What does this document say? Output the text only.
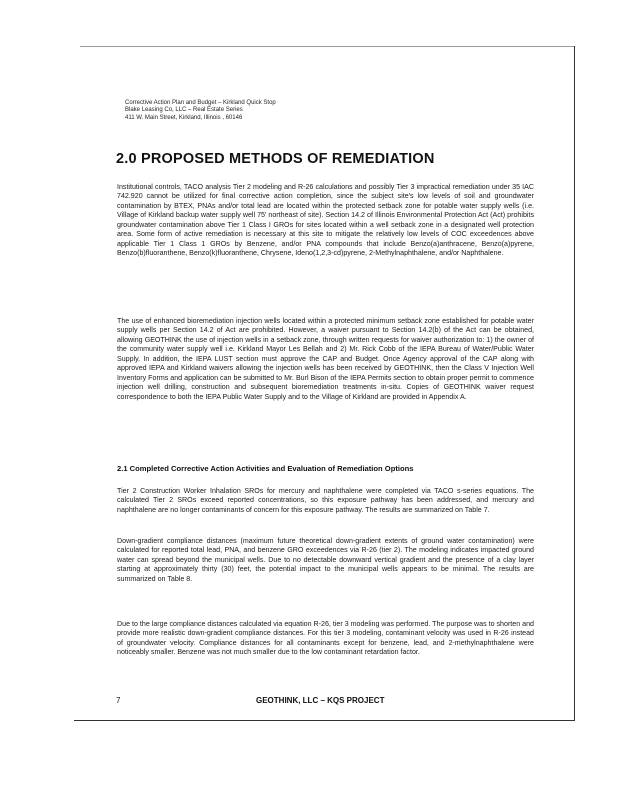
Corrective Action Plan and Budget – Kirkland Quick Stop
Blake Leasing Co, LLC – Real Estate Series
411 W. Main Street, Kirkland, Illinois , 60146
2.0 PROPOSED METHODS OF REMEDIATION

Institutional controls, TACO analysis Tier 2 modeling and R-26 calculations and possibly Tier 3 impractical remediation under 35 IAC 742.920 cannot be utilized for final corrective action completion, since the subject site's low levels of soil and groundwater contamination by BTEX, PNAs and/or total lead are located within the protected setback zone for potable water supply wells (i.e. Village of Kirkland backup water supply well 75' northeast of site). Section 14.2 of Illinois Environmental Protection Act (Act) prohibits groundwater contamination above Tier 1 Class I GROs for sites located within a well setback zone in a designated well protection area. Some form of active remediation is necessary at this site to mitigate the relatively low levels of COC exceedences above applicable Tier 1 Class 1 GROs by Benzene, and/or PNA compounds that include Benzo(a)anthracene, Benzo(a)pyrene, Benzo(b)fluoranthene, Benzo(k)fluoranthene, Chrysene, Ideno(1,2,3-cd)pyrene, 2-Methylnaphthalene, and/or Naphthalene.

The use of enhanced bioremediation injection wells located within a protected minimum setback zone established for potable water supply wells per Section 14.2 of Act are prohibited. However, a waiver pursuant to Section 14.2(b) of the Act can be obtained, allowing GEOTHINK the use of injection wells in a setback zone, through written requests for waiver authorization to: 1) the owner of the community water supply well i.e. Kirkland Mayor Les Bellah and 2) Mr. Rick Cobb of the IEPA Bureau of Water/Public Water Supply. In addition, the IEPA LUST section must approve the CAP and Budget. Once Agency approval of the CAP along with approved IEPA and Kirkland waivers allowing the injection wells has been received by GEOTHINK, then the Class V Injection Well Inventory Forms and application can be submitted to Mr. Burl Bison of the IEPA Permits section to obtain proper permit to commence injection well drilling, construction and subsequent bioremediation treatments in-situ. Copies of GEOTHINK waiver request correspondence to both the IEPA Public Water Supply and to the Village of Kirkland are provided in Appendix A.

2.1 Completed Corrective Action Activities and Evaluation of Remediation Options

Tier 2 Construction Worker Inhalation SROs for mercury and naphthalene were completed via TACO s-series equations. The calculated Tier 2 SROs exceed reported concentrations, so this exposure pathway has been addressed, and mercury and naphthalene are no longer contaminants of concern for this exposure pathway. The results are summarized on Table 7.

Down-gradient compliance distances (maximum future theoretical down-gradient extents of ground water contamination) were calculated for reported total lead, PNA, and benzene GRO exceedences via R-26 (tier 2). The modeling indicates impacted ground water can spread beyond the municipal wells. Due to no detectable downward vertical gradient and the presence of a clay layer starting at approximately thirty (30) feet, the potential impact to the municipal wells appears to be minimal. The results are summarized on Table 8.

Due to the large compliance distances calculated via equation R-26, tier 3 modeling was performed. The purpose was to shorten and provide more realistic down-gradient compliance distances. For this tier 3 modeling, contaminant velocity was used in R-26 instead of groundwater velocity. Compliance distances for all contaminants except for benzene, lead, and 2-methylnaphthalene were noticeably smaller. Benzene was not much smaller due to the low contaminant retardation factor.

7	GEOTHINK, LLC – KQS PROJECT
